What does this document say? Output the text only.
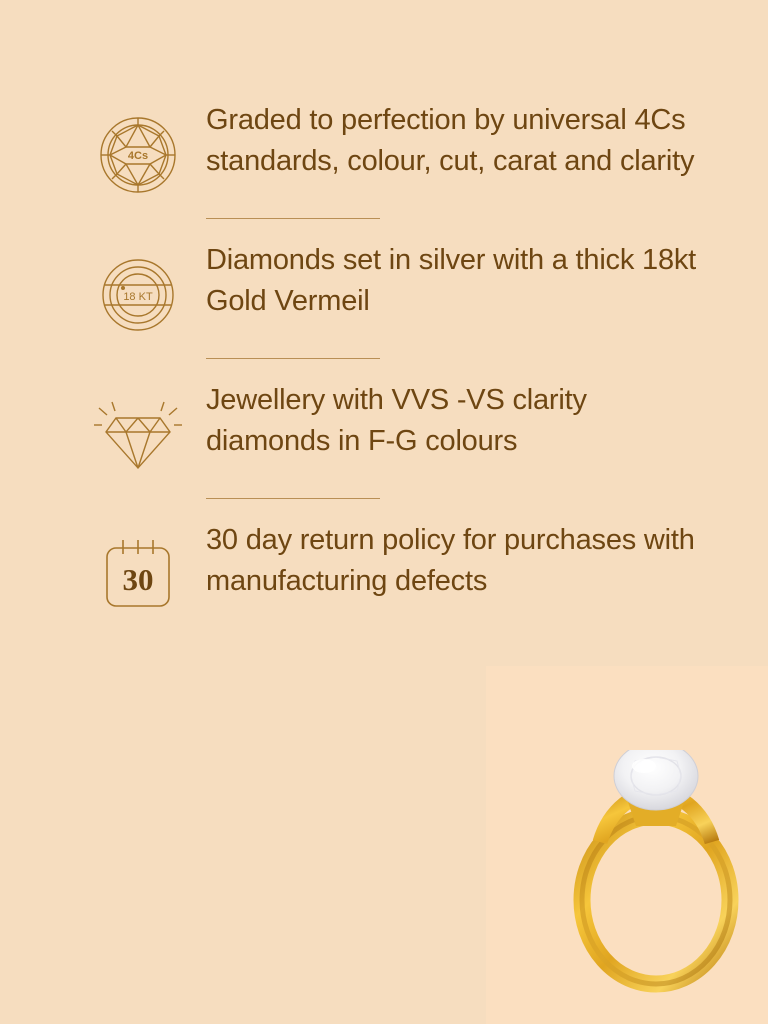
4Cs
Graded to perfection by universal 4Cs standards, colour, cut, carat and clarity
18 KT
Diamonds set in silver with a thick 18kt Gold Vermeil
Jewellery with VVS -VS clarity diamonds in F-G colours
30
30 day return policy for purchases with manufacturing defects
